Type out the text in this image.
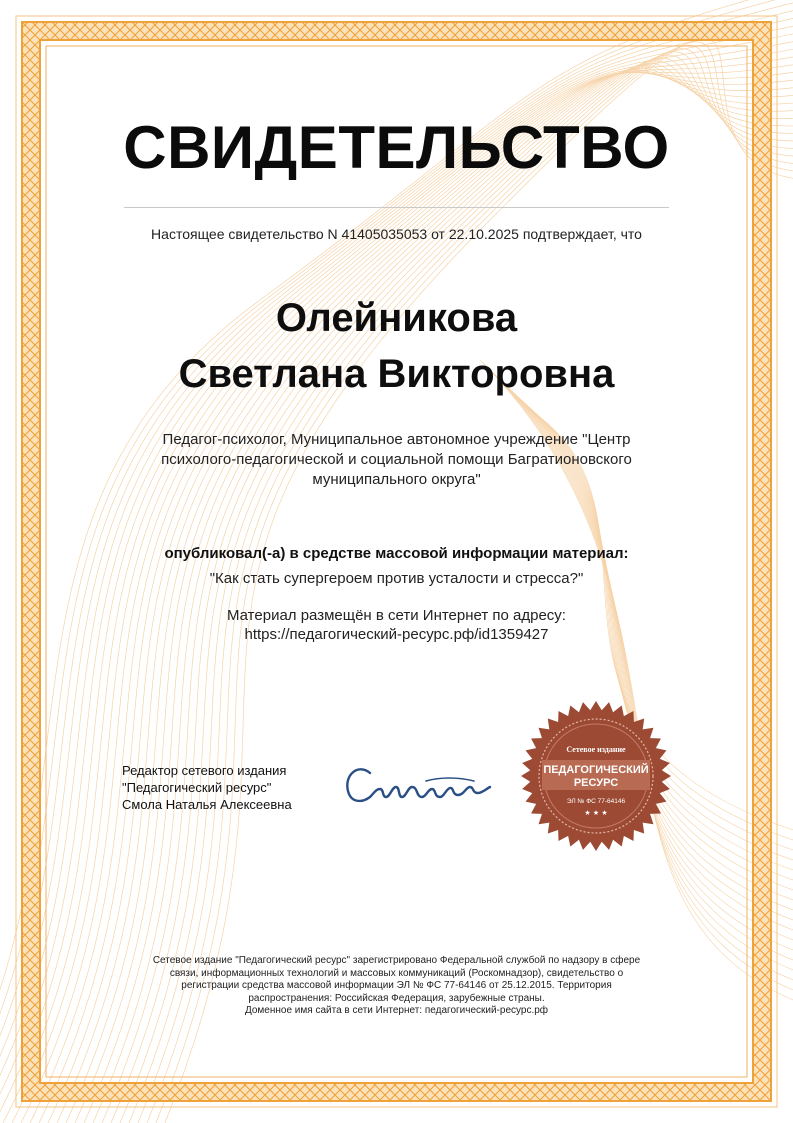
СВИДЕТЕЛЬСТВО
Настоящее свидетельство N 41405035053 от 22.10.2025 подтверждает, что
Олейникова
Светлана Викторовна
Педагог-психолог, Муниципальное автономное учреждение "Центр
психолого-педагогической и социальной помощи Багратионовского
муниципального округа"
опубликовал(-а) в средстве массовой информации материал:
"Как стать супергероем против усталости и стресса?"
Материал размещён в сети Интернет по адресу:
https://педагогический-ресурс.рф/id1359427
Редактор сетевого издания
"Педагогический ресурс"
Смола Наталья Алексеевна
Сетевое издание
ПЕДАГОГИЧЕСКИЙ
РЕСУРС
ЭЛ № ФС 77-64146
★ ★ ★
Сетевое издание "Педагогический ресурс" зарегистрировано Федеральной службой по надзору в сфере
связи, информационных технологий и массовых коммуникаций (Роскомнадзор), свидетельство о
регистрации средства массовой информации ЭЛ № ФС 77-64146 от 25.12.2015. Территория
распространения: Российская Федерация, зарубежные страны.
Доменное имя сайта в сети Интернет: педагогический-ресурс.рф
